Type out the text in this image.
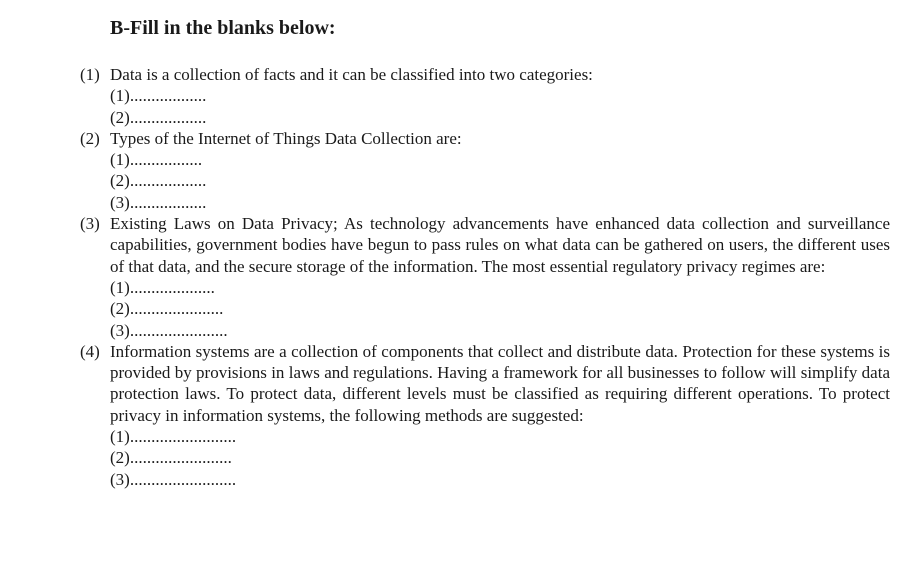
B-Fill in the blanks below:
(1) Data is a collection of facts and it can be classified into two categories:
(1)..................
(2)..................
(2) Types of the Internet of Things Data Collection are:
(1).................
(2)..................
(3)..................
(3) Existing Laws on Data Privacy; As technology advancements have enhanced data collection and surveillance capabilities, government bodies have begun to pass rules on what data can be gathered on users, the different uses of that data, and the secure storage of the information. The most essential regulatory privacy regimes are:
(1)....................
(2)......................
(3).......................
(4) Information systems are a collection of components that collect and distribute data. Protection for these systems is provided by provisions in laws and regulations. Having a framework for all businesses to follow will simplify data protection laws. To protect data, different levels must be classified as requiring different operations. To protect privacy in information systems, the following methods are suggested:
(1).........................
(2)........................
(3).........................
